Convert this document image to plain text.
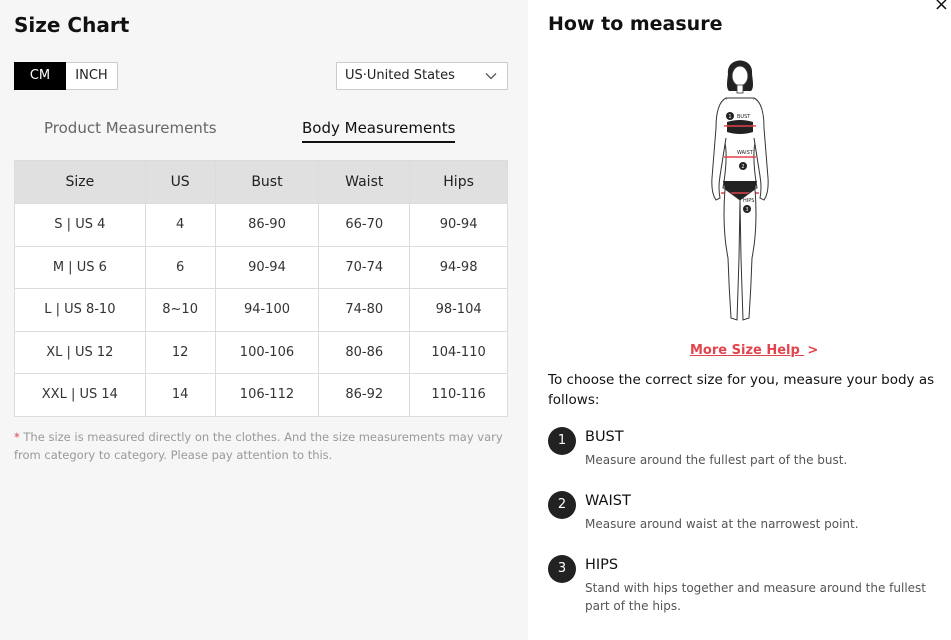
Size Chart
CM	INCH	US·United States
Product Measurements	Body Measurements
Size	US	Bust	Waist	Hips
S | US 4	4	86-90	66-70	90-94
M | US 6	6	90-94	70-74	94-98
L | US 8-10	8~10	94-100	74-80	98-104
XL | US 12	12	100-106	80-86	104-110
XXL | US 14	14	106-112	86-92	110-116
* The size is measured directly on the clothes. And the size measurements may vary from category to category. Please pay attention to this.
×
How to measure
1 BUST
WAIST
2
HIPS
3
More Size Help >
To choose the correct size for you, measure your body as follows:
1	BUST
Measure around the fullest part of the bust.
2	WAIST
Measure around waist at the narrowest point.
3	HIPS
Stand with hips together and measure around the fullest part of the hips.
